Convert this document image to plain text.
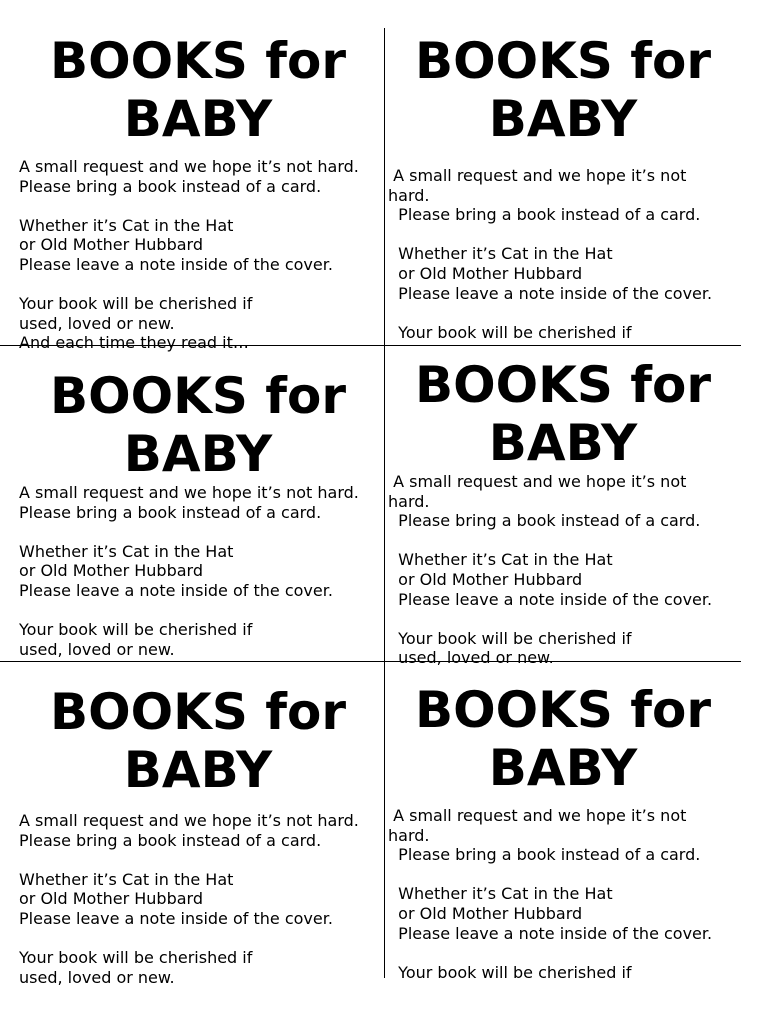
BOOKS for
BABY

A small request and we hope it’s not hard.
Please bring a book instead of a card.

Whether it’s Cat in the Hat
or Old Mother Hubbard
Please leave a note inside of the cover.

Your book will be cherished if
used, loved or new.
And each time they read it…

BOOKS for
BABY

A small request and we hope it’s not
hard.
Please bring a book instead of a card.

Whether it’s Cat in the Hat
or Old Mother Hubbard
Please leave a note inside of the cover.

Your book will be cherished if

BOOKS for
BABY

A small request and we hope it’s not hard.
Please bring a book instead of a card.

Whether it’s Cat in the Hat
or Old Mother Hubbard
Please leave a note inside of the cover.

Your book will be cherished if
used, loved or new.

BOOKS for
BABY

A small request and we hope it’s not
hard.
Please bring a book instead of a card.

Whether it’s Cat in the Hat
or Old Mother Hubbard
Please leave a note inside of the cover.

Your book will be cherished if
used, loved or new.

BOOKS for
BABY

A small request and we hope it’s not hard.
Please bring a book instead of a card.

Whether it’s Cat in the Hat
or Old Mother Hubbard
Please leave a note inside of the cover.

Your book will be cherished if
used, loved or new.

BOOKS for
BABY

A small request and we hope it’s not
hard.
Please bring a book instead of a card.

Whether it’s Cat in the Hat
or Old Mother Hubbard
Please leave a note inside of the cover.

Your book will be cherished if
